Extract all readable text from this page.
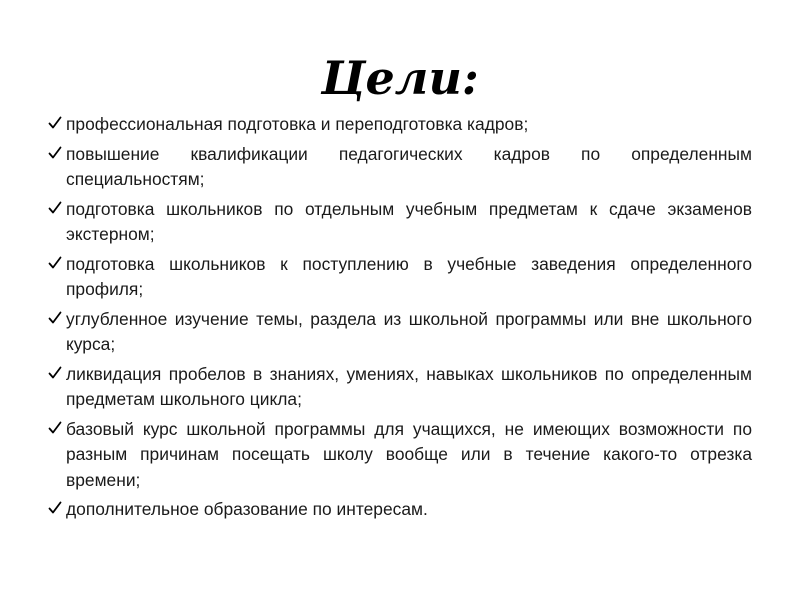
Цели:
профессиональная подготовка и переподготовка кадров;
повышение квалификации педагогических кадров по определенным специальностям;
подготовка школьников по отдельным учебным предметам к сдаче экзаменов экстерном;
подготовка школьников к поступлению в учебные заведения определенного профиля;
углубленное изучение темы, раздела из школьной программы или вне школьного курса;
ликвидация пробелов в знаниях, умениях, навыках школьников по определенным предметам школьного цикла;
базовый курс школьной программы для учащихся, не имеющих возможности по разным причинам посещать школу вообще или в течение какого-то отрезка времени;
дополнительное образование по интересам.
